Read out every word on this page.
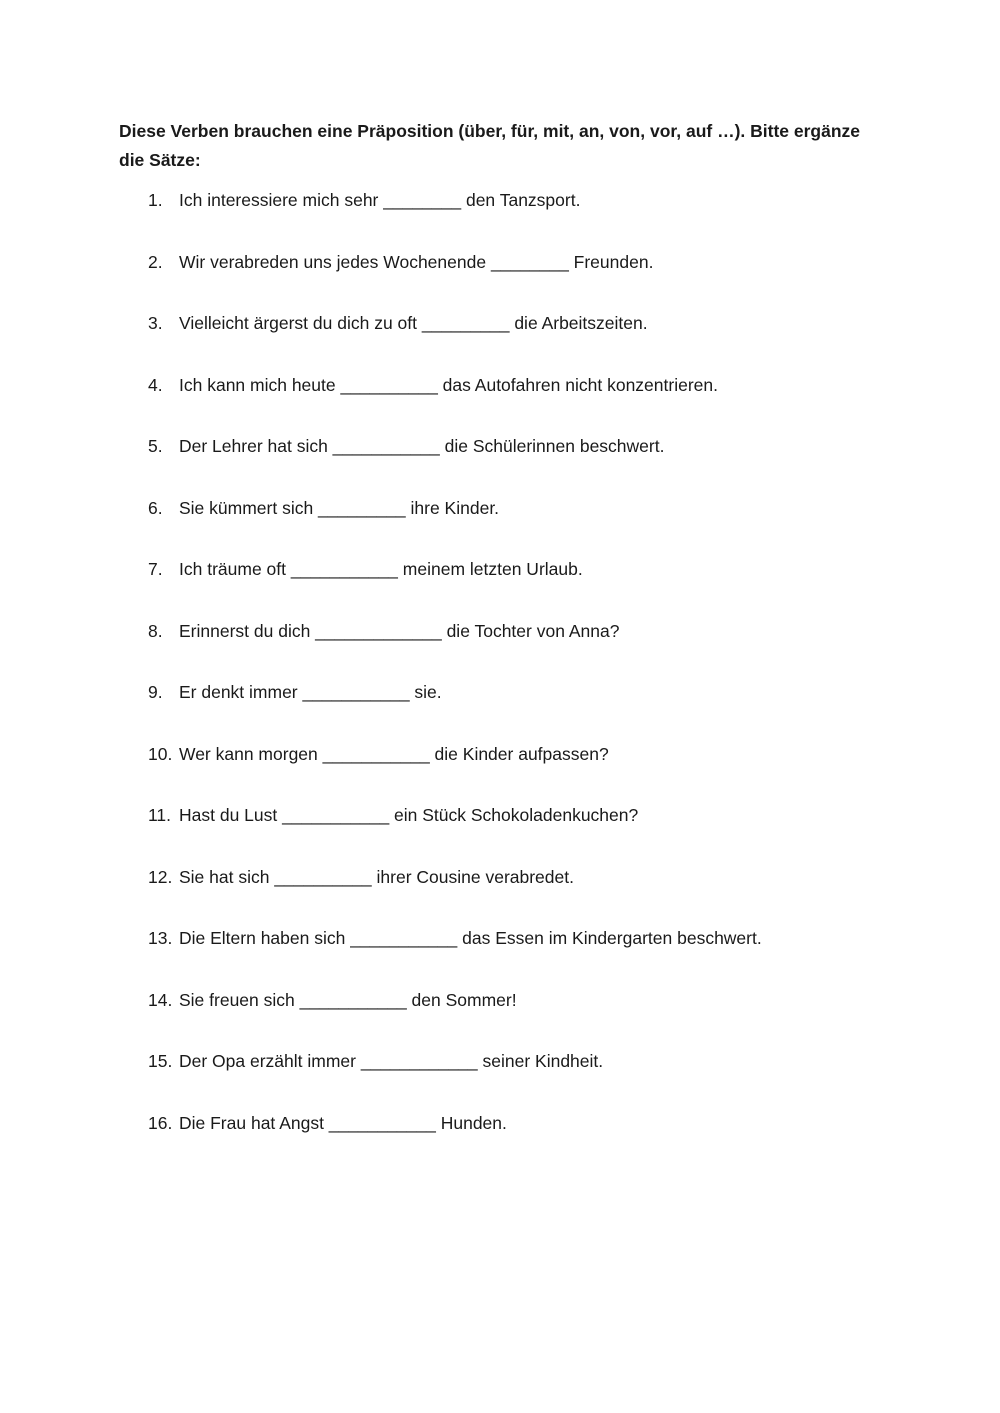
Diese Verben brauchen eine Präposition (über, für, mit, an, von, vor, auf …). Bitte ergänze die Sätze:

1. Ich interessiere mich sehr ________ den Tanzsport.
2. Wir verabreden uns jedes Wochenende ________ Freunden.
3. Vielleicht ärgerst du dich zu oft _________ die Arbeitszeiten.
4. Ich kann mich heute __________ das Autofahren nicht konzentrieren.
5. Der Lehrer hat sich ___________ die Schülerinnen beschwert.
6. Sie kümmert sich _________ ihre Kinder.
7. Ich träume oft ___________ meinem letzten Urlaub.
8. Erinnerst du dich _____________ die Tochter von Anna?
9. Er denkt immer ___________ sie.
10. Wer kann morgen ___________ die Kinder aufpassen?
11. Hast du Lust ___________ ein Stück Schokoladenkuchen?
12. Sie hat sich __________ ihrer Cousine verabredet.
13. Die Eltern haben sich ___________ das Essen im Kindergarten beschwert.
14. Sie freuen sich ___________ den Sommer!
15. Der Opa erzählt immer ____________ seiner Kindheit.
16. Die Frau hat Angst ___________ Hunden.
